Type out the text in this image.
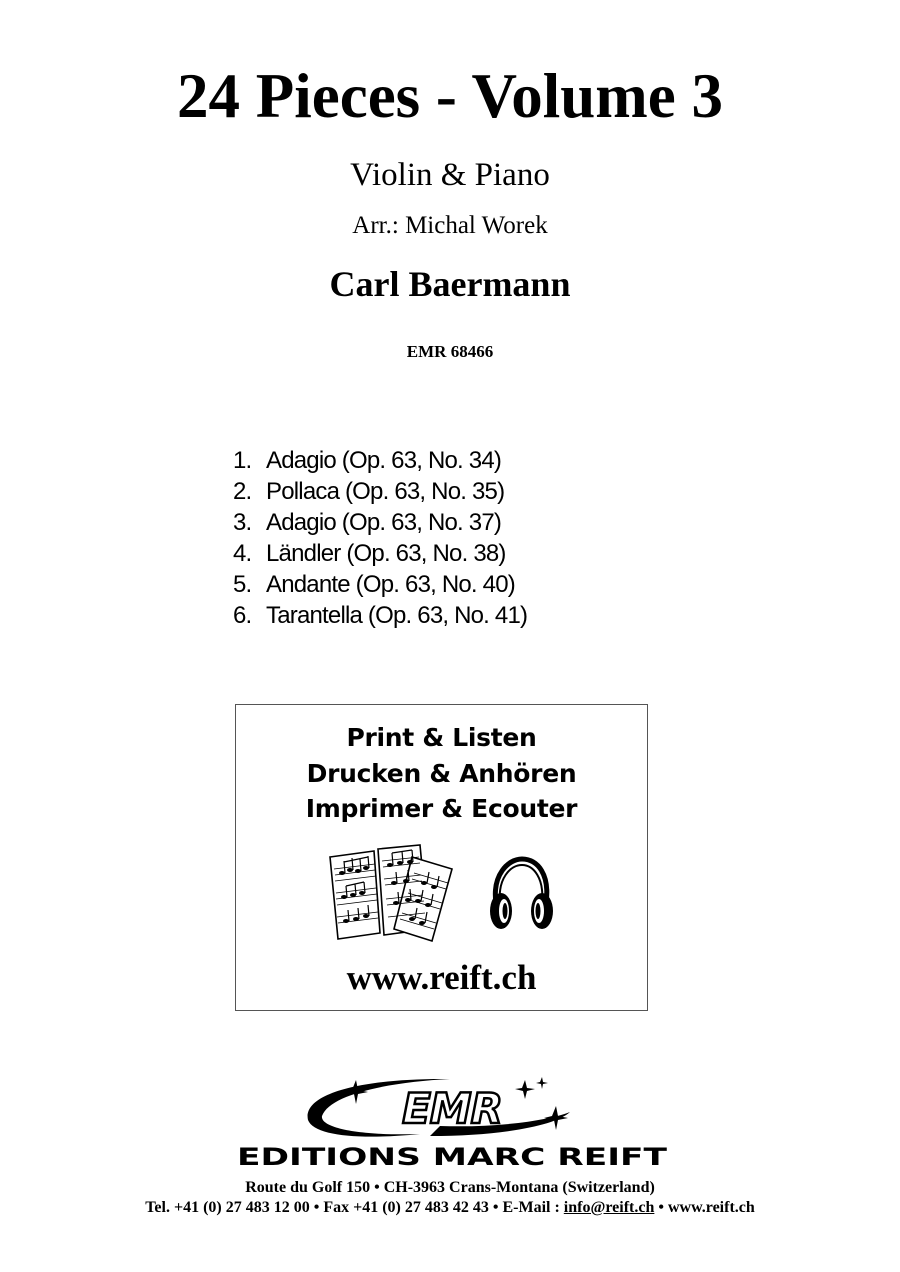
24 Pieces - Volume 3
Violin & Piano
Arr.: Michal Worek
Carl Baermann
EMR 68466
1. Adagio (Op. 63, No. 34)
2. Pollaca (Op. 63, No. 35)
3. Adagio (Op. 63, No. 37)
4. Ländler (Op. 63, No. 38)
5. Andante (Op. 63, No. 40)
6. Tarantella (Op. 63, No. 41)
Print & Listen
Drucken & Anhören
Imprimer & Ecouter
www.reift.ch
EMR
EDITIONS MARC REIFT
Route du Golf 150 • CH-3963 Crans-Montana (Switzerland)
Tel. +41 (0) 27 483 12 00 • Fax +41 (0) 27 483 42 43 • E-Mail : info@reift.ch • www.reift.ch
